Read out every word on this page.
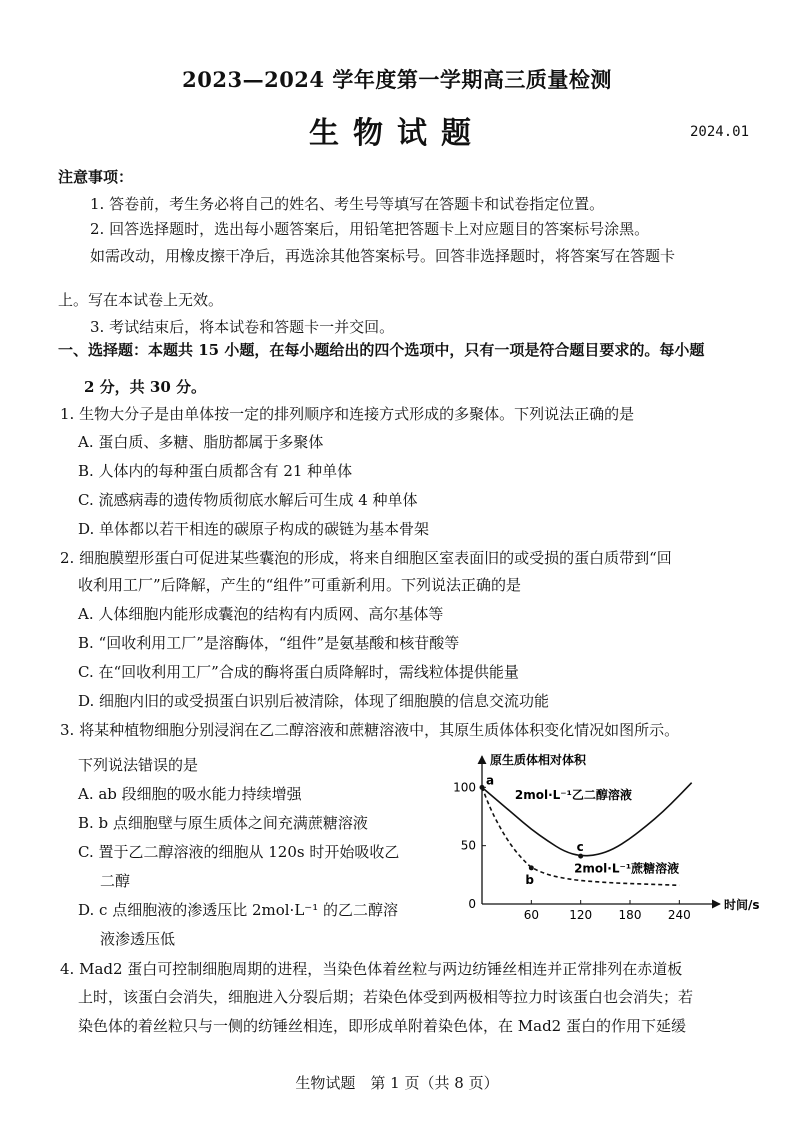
2023—2024 学年度第一学期高三质量检测
生物试题	2024.01
注意事项：
1. 答卷前，考生务必将自己的姓名、考生号等填写在答题卡和试卷指定位置。
2. 回答选择题时，选出每小题答案后，用铅笔把答题卡上对应题目的答案标号涂黑。
如需改动，用橡皮擦干净后，再选涂其他答案标号。回答非选择题时，将答案写在答题卡
上。写在本试卷上无效。
3. 考试结束后，将本试卷和答题卡一并交回。
一、选择题：本题共 15 小题，在每小题给出的四个选项中，只有一项是符合题目要求的。每小题
2 分，共 30 分。
1. 生物大分子是由单体按一定的排列顺序和连接方式形成的多聚体。下列说法正确的是
A. 蛋白质、多糖、脂肪都属于多聚体
B. 人体内的每种蛋白质都含有 21 种单体
C. 流感病毒的遗传物质彻底水解后可生成 4 种单体
D. 单体都以若干相连的碳原子构成的碳链为基本骨架
2. 细胞膜塑形蛋白可促进某些囊泡的形成，将来自细胞区室表面旧的或受损的蛋白质带到“回
收利用工厂”后降解，产生的“组件”可重新利用。下列说法正确的是
A. 人体细胞内能形成囊泡的结构有内质网、高尔基体等
B. “回收利用工厂”是溶酶体，“组件”是氨基酸和核苷酸等
C. 在“回收利用工厂”合成的酶将蛋白质降解时，需线粒体提供能量
D. 细胞内旧的或受损蛋白识别后被清除，体现了细胞膜的信息交流功能
3. 将某种植物细胞分别浸润在乙二醇溶液和蔗糖溶液中，其原生质体体积变化情况如图所示。
下列说法错误的是
A. ab 段细胞的吸水能力持续增强
B. b 点细胞壁与原生质体之间充满蔗糖溶液
C. 置于乙二醇溶液的细胞从 120s 时开始吸收乙
二醇
D. c 点细胞液的渗透压比 2mol·L⁻¹ 的乙二醇溶
液渗透压低
60	120 180 240
0
50
100
原生质体相对体积
时间/s
2mol·L⁻¹乙二醇溶液
2mol·L⁻¹蔗糖溶液
a
b
c
4. Mad2 蛋白可控制细胞周期的进程，当染色体着丝粒与两边纺锤丝相连并正常排列在赤道板
上时，该蛋白会消失，细胞进入分裂后期；若染色体受到两极相等拉力时该蛋白也会消失；若
染色体的着丝粒只与一侧的纺锤丝相连，即形成单附着染色体，在 Mad2 蛋白的作用下延缓
生物试题　第 1 页（共 8 页）
